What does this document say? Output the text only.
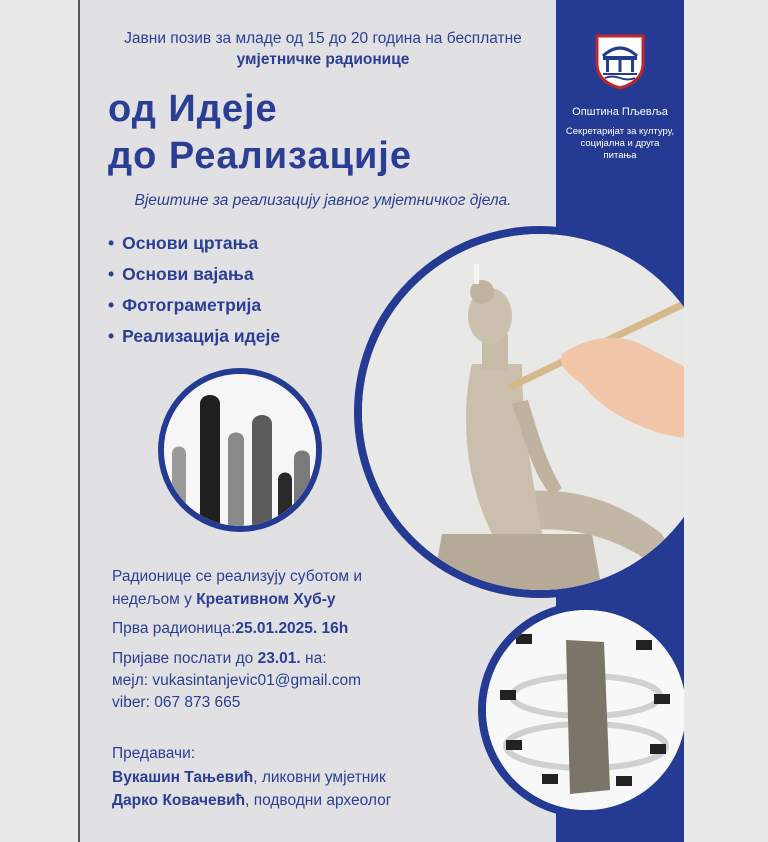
Јавни позив за младе од 15 до 20 година на бесплатне
умјетничке радионице
од Идеје
до Реализације
Вјештине за реализацију јавног умјетничког дјела.
• Основи цртања
• Основи вајања
• Фотограметрија
• Реализација идеје
Општина Пљевља
Секретаријат за културу,
социјална и друга питања
Радионице се реализују суботом и
недељом у Креативном Хуб-у
Прва радионица:25.01.2025. 16h
Пријаве послати до 23.01. на:
мејл: vukasintanjevic01@gmail.com
viber: 067 873 665
Предавачи:
Вукашин Тањевић, ликовни умјетник
Дарко Ковачевић, подводни археолог
